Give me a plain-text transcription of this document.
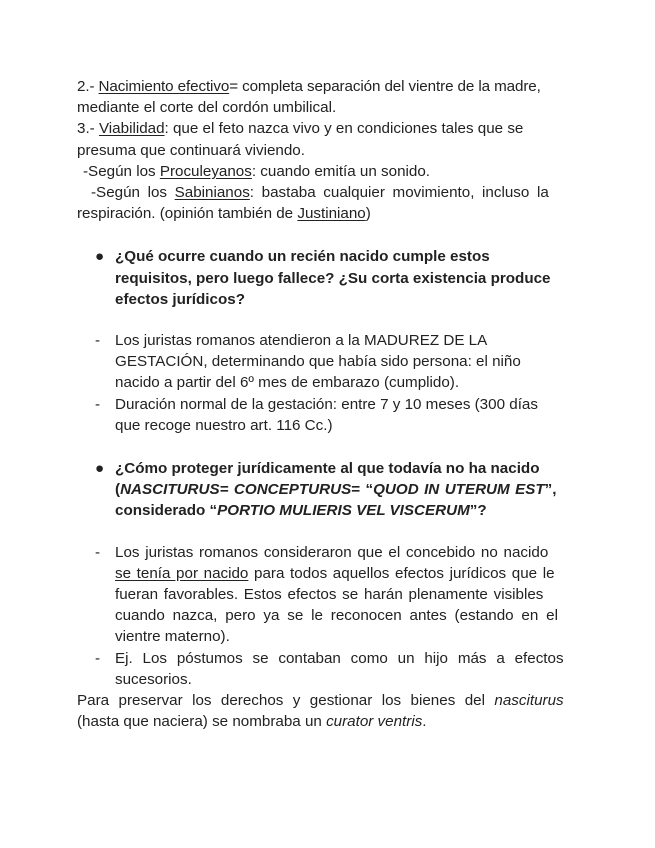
2.- Nacimiento efectivo= completa separación del vientre de la madre,
mediante el corte del cordón umbilical.
3.- Viabilidad: que el feto nazca vivo y en condiciones tales que se
presuma que continuará viviendo.
-Según los Proculeyanos: cuando emitía un sonido.
-Según los Sabinianos: bastaba cualquier movimiento, incluso la
respiración. (opinión también de Justiniano)
● ¿Qué ocurre cuando un recién nacido cumple estos
requisitos, pero luego fallece? ¿Su corta existencia produce
efectos jurídicos?
- Los juristas romanos atendieron a la MADUREZ DE LA
GESTACIÓN, determinando que había sido persona: el niño
nacido a partir del 6º mes de embarazo (cumplido).
- Duración normal de la gestación: entre 7 y 10 meses (300 días
que recoge nuestro art. 116 Cc.)
● ¿Cómo proteger jurídicamente al que todavía no ha nacido
(NASCITURUS= CONCEPTURUS= “QUOD IN UTERUM EST”,
considerado “PORTIO MULIERIS VEL VISCERUM”?
- Los juristas romanos consideraron que el concebido no nacido
se tenía por nacido para todos aquellos efectos jurídicos que le
fueran favorables. Estos efectos se harán plenamente visibles
cuando nazca, pero ya se le reconocen antes (estando en el
vientre materno).
- Ej. Los póstumos se contaban como un hijo más a efectos
sucesorios.
Para preservar los derechos y gestionar los bienes del nasciturus
(hasta que naciera) se nombraba un curator ventris.
